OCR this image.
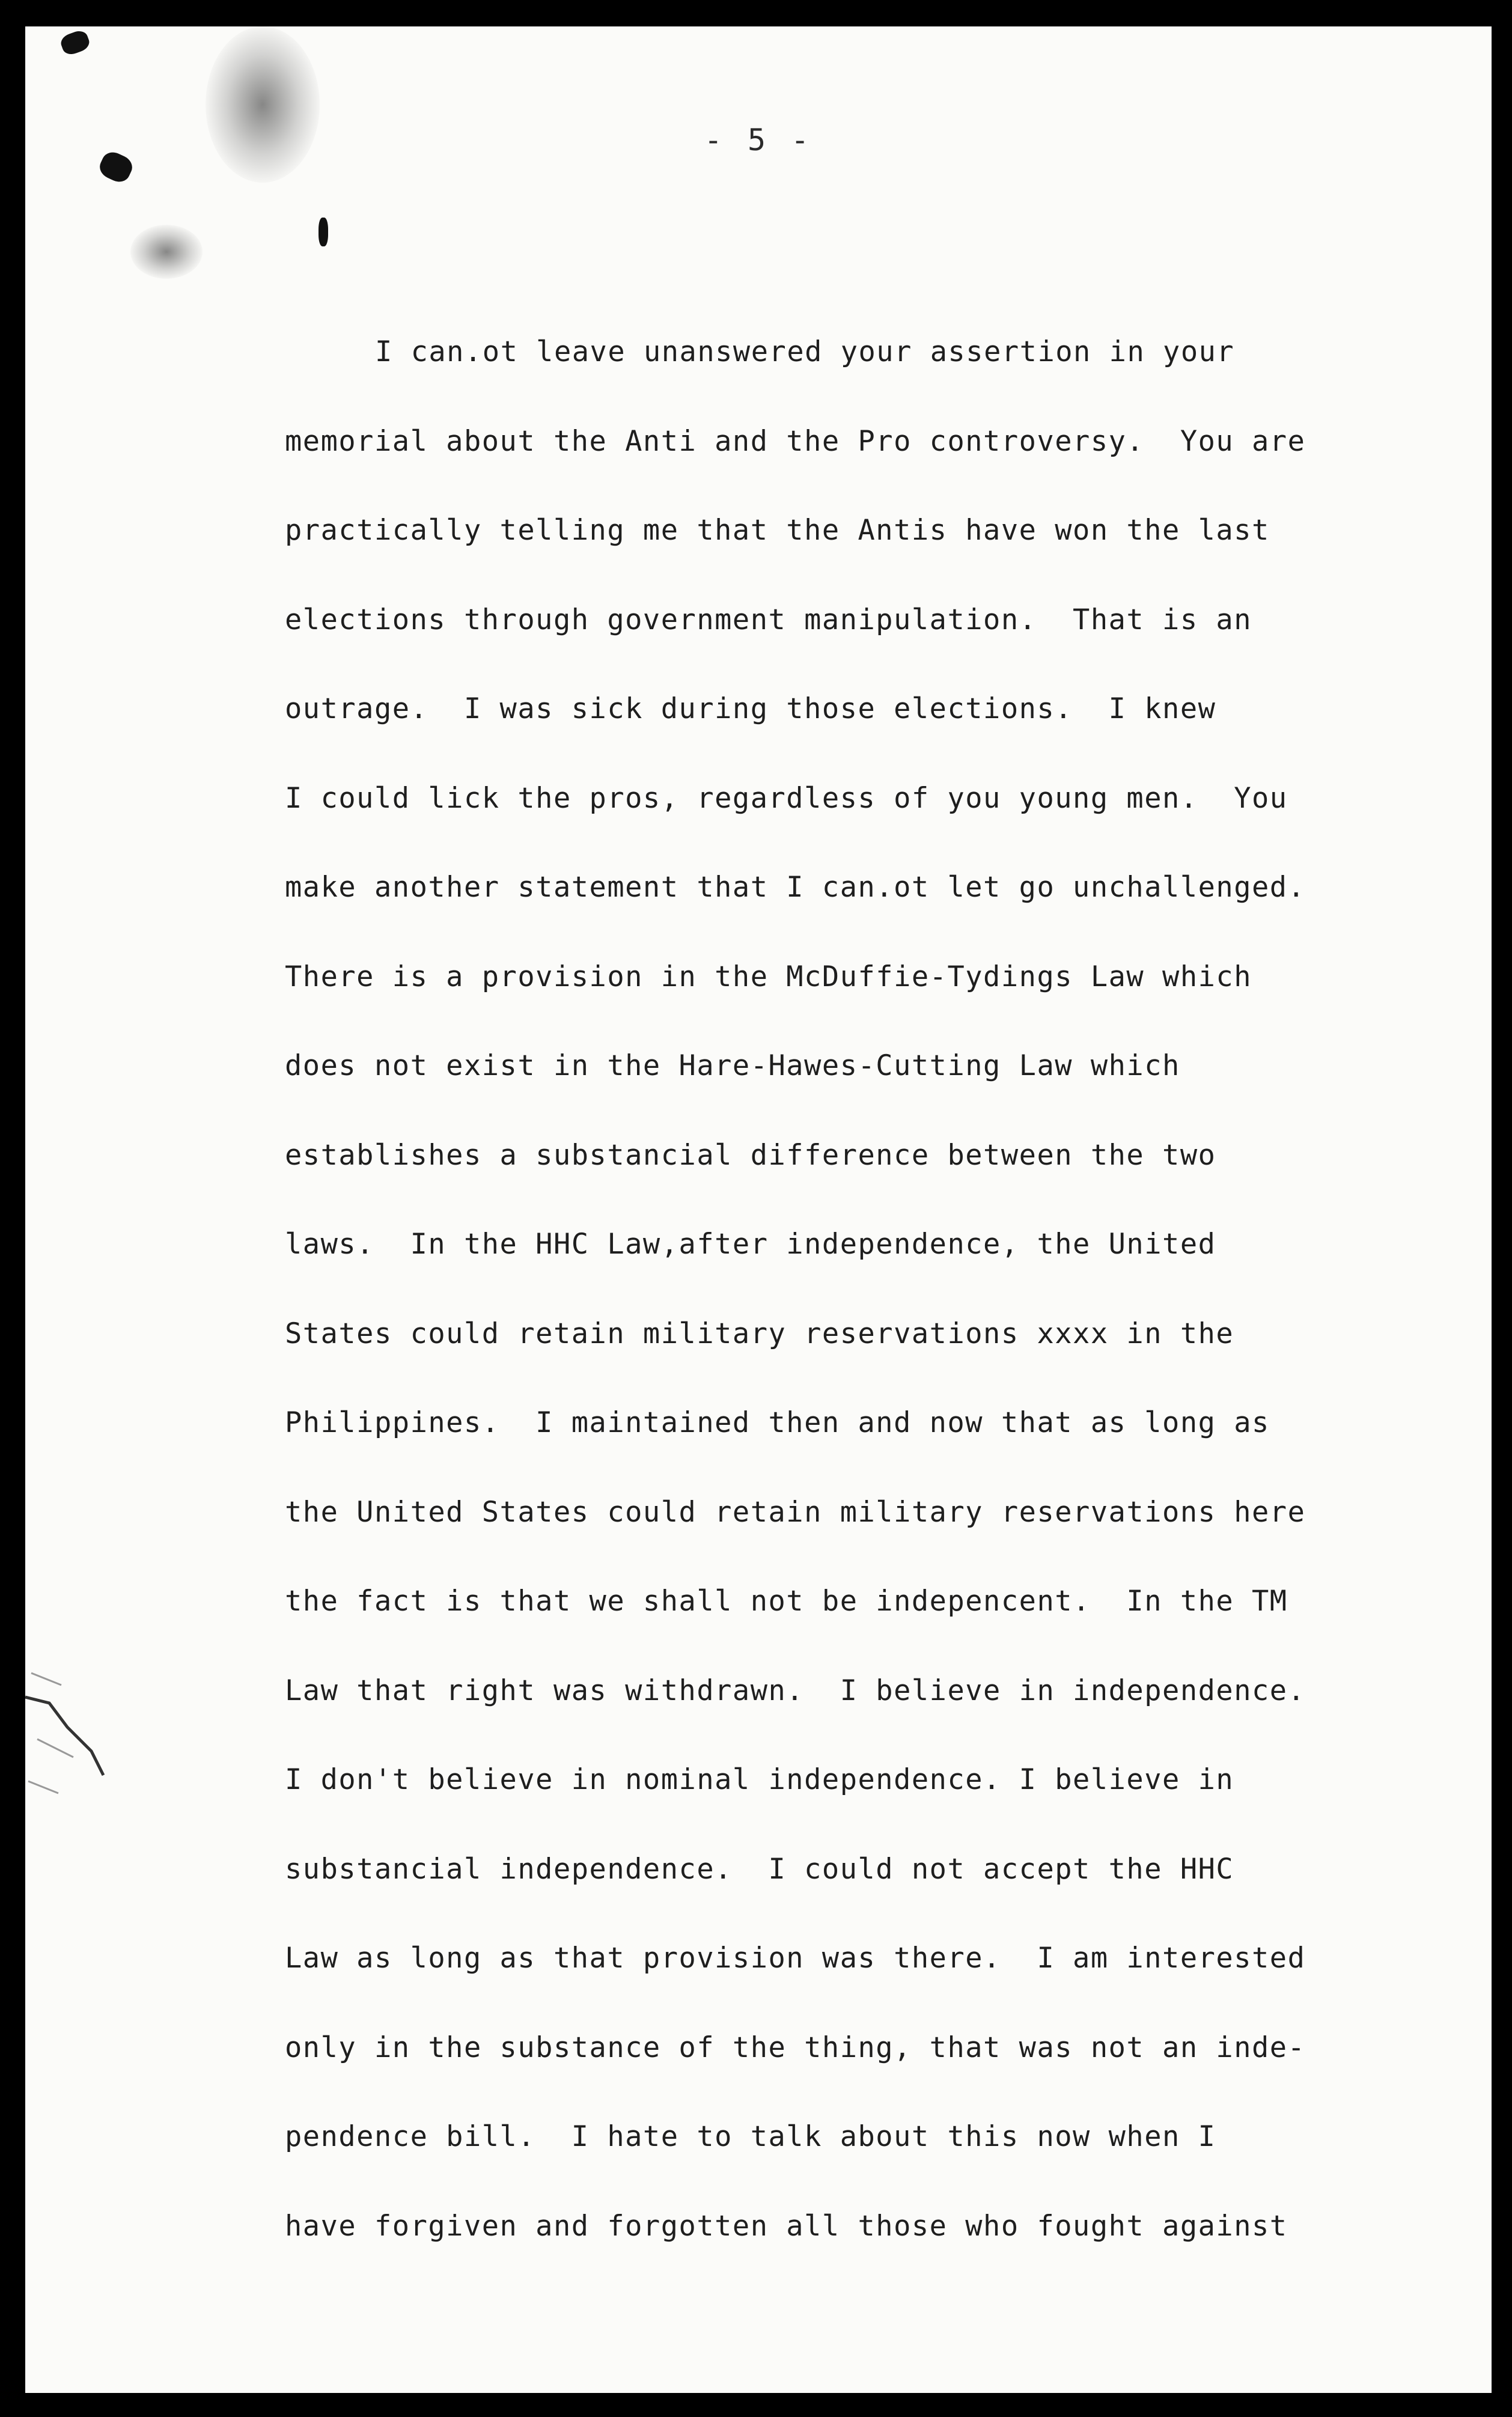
- 5 -
I can.ot leave unanswered your assertion in your
memorial about the Anti and the Pro controversy.  You are
practically telling me that the Antis have won the last
elections through government manipulation.  That is an
outrage.  I was sick during those elections.  I knew
I could lick the pros, regardless of you young men.  You
make another statement that I can.ot let go unchallenged.
There is a provision in the McDuffie-Tydings Law which
does not exist in the Hare-Hawes-Cutting Law which
establishes a substancial difference between the two
laws.  In the HHC Law,after independence, the United
States could retain military reservations xxxx in the
Philippines.  I maintained then and now that as long as
the United States could retain military reservations here
the fact is that we shall not be indepencent.  In the TM
Law that right was withdrawn.  I believe in independence.
I don't believe in nominal independence. I believe in
substancial independence.  I could not accept the HHC
Law as long as that provision was there.  I am interested
only in the substance of the thing, that was not an inde-
pendence bill.  I hate to talk about this now when I
have forgiven and forgotten all those who fought against
